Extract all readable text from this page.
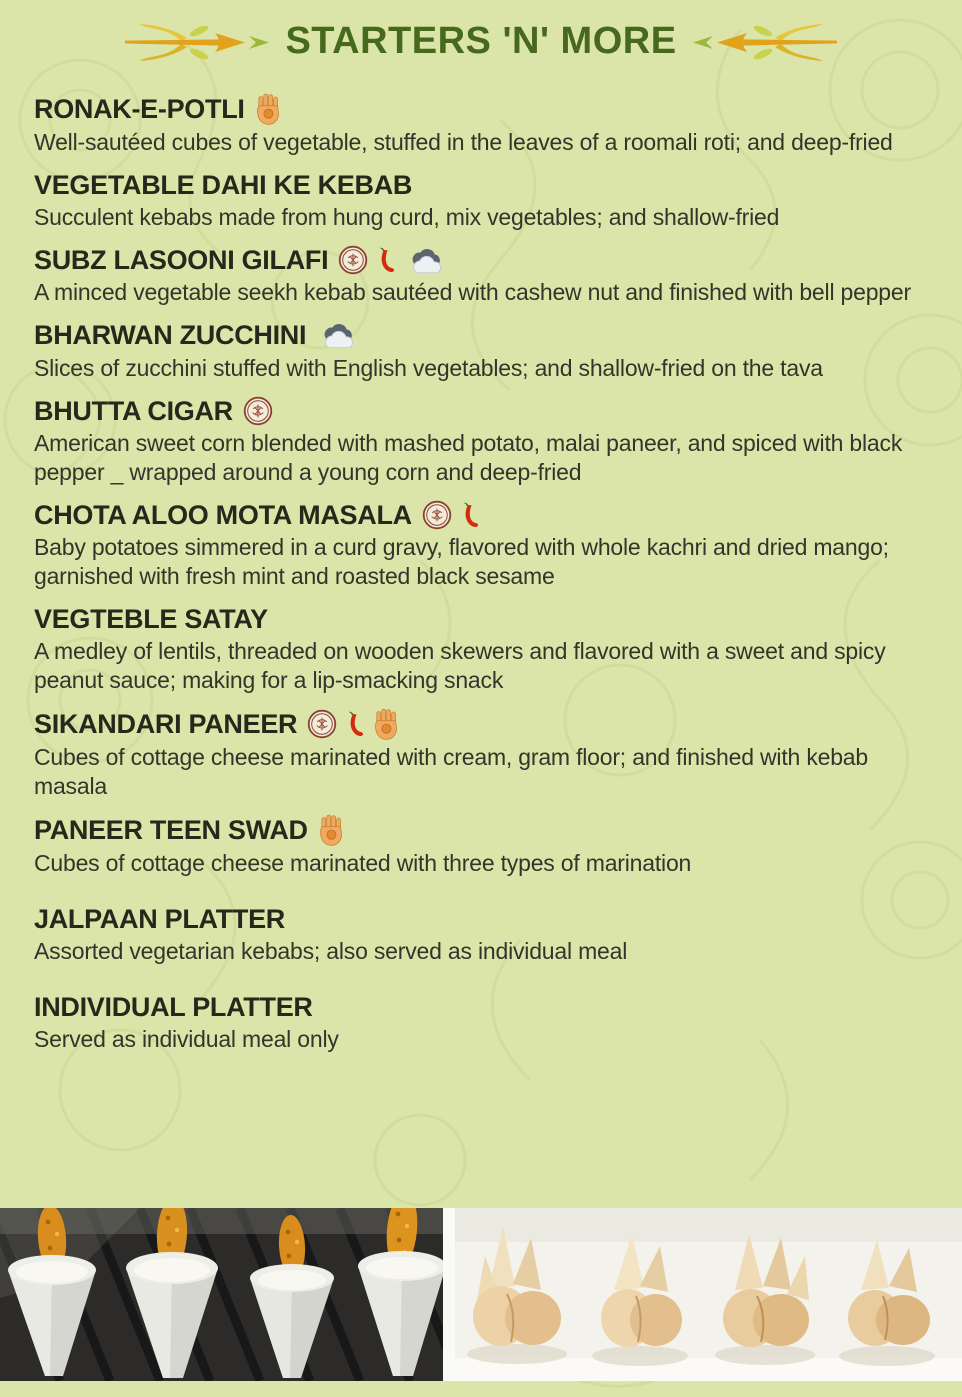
STARTERS 'N' MORE
RONAK-E-POTLI

Well-sautéed cubes of vegetable, stuffed in the leaves of a roomali roti; and deep-fried

VEGETABLE DAHI KE KEBAB

Succulent kebabs made from hung curd, mix vegetables; and shallow-fried

SUBZ LASOONI GILAFI

A minced vegetable seekh kebab sautéed with cashew nut and finished with bell pepper

BHARWAN ZUCCHINI

Slices of zucchini stuffed with English vegetables; and shallow-fried on the tava

BHUTTA CIGAR

American sweet corn blended with mashed potato, malai paneer, and spiced with black pepper _ wrapped around a young corn and deep-fried

CHOTA ALOO MOTA MASALA

Baby potatoes simmered in a curd gravy, flavored with whole kachri and dried mango; garnished with fresh mint and roasted black sesame

VEGTEBLE SATAY

A medley of lentils, threaded on wooden skewers and flavored with a sweet and spicy peanut sauce; making for a lip-smacking snack

SIKANDARI PANEER

Cubes of cottage cheese marinated with cream, gram floor; and finished with kebab masala

PANEER TEEN SWAD

Cubes of cottage cheese marinated with three types of marination

JALPAAN PLATTER

Assorted vegetarian kebabs; also served as individual meal

INDIVIDUAL PLATTER

Served as individual meal only
